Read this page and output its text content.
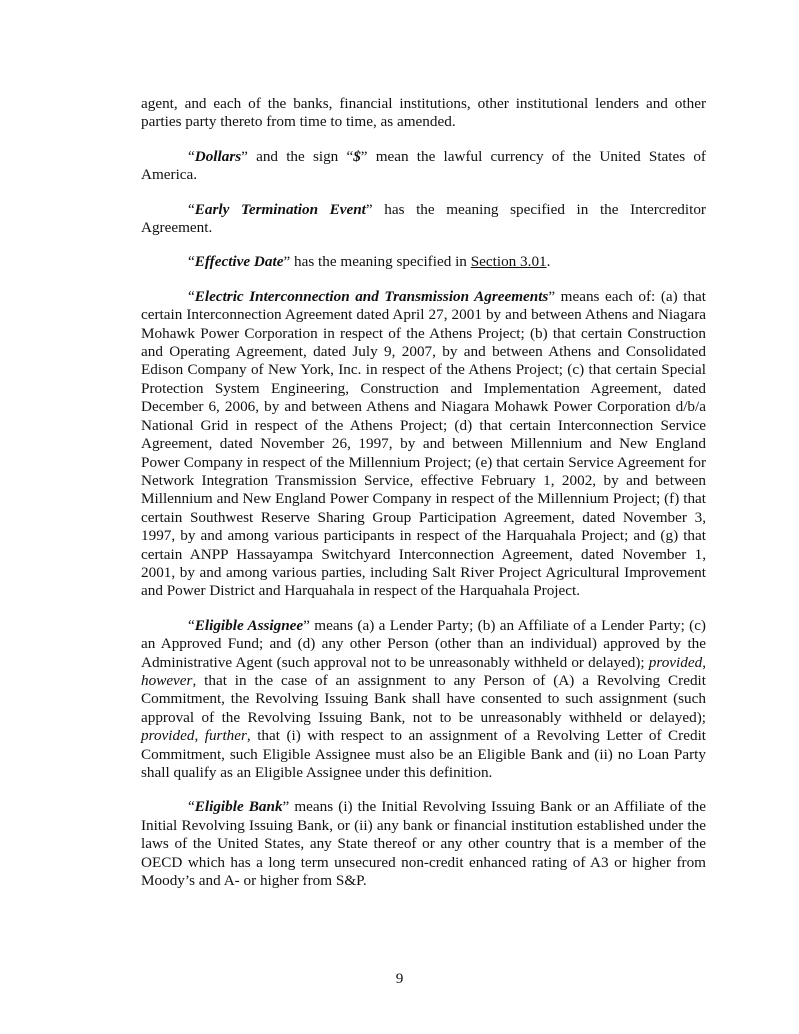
agent, and each of the banks, financial institutions, other institutional lenders and other parties party thereto from time to time, as amended.

“Dollars” and the sign “$” mean the lawful currency of the United States of America.

“Early Termination Event” has the meaning specified in the Intercreditor Agreement.

“Effective Date” has the meaning specified in Section 3.01.

“Electric Interconnection and Transmission Agreements” means each of: (a) that certain Interconnection Agreement dated April 27, 2001 by and between Athens and Niagara Mohawk Power Corporation in respect of the Athens Project; (b) that certain Construction and Operating Agreement, dated July 9, 2007, by and between Athens and Consolidated Edison Company of New York, Inc. in respect of the Athens Project; (c) that certain Special Protection System Engineering, Construction and Implementation Agreement, dated December 6, 2006, by and between Athens and Niagara Mohawk Power Corporation d/b/a National Grid in respect of the Athens Project; (d) that certain Interconnection Service Agreement, dated November 26, 1997, by and between Millennium and New England Power Company in respect of the Millennium Project; (e) that certain Service Agreement for Network Integration Transmission Service, effective February 1, 2002, by and between Millennium and New England Power Company in respect of the Millennium Project; (f) that certain Southwest Reserve Sharing Group Participation Agreement, dated November 3, 1997, by and among various participants in respect of the Harquahala Project; and (g) that certain ANPP Hassayampa Switchyard Interconnection Agreement, dated November 1, 2001, by and among various parties, including Salt River Project Agricultural Improvement and Power District and Harquahala in respect of the Harquahala Project.

“Eligible Assignee” means (a) a Lender Party; (b) an Affiliate of a Lender Party; (c) an Approved Fund; and (d) any other Person (other than an individual) approved by the Administrative Agent (such approval not to be unreasonably withheld or delayed); provided, however, that in the case of an assignment to any Person of (A) a Revolving Credit Commitment, the Revolving Issuing Bank shall have consented to such assignment (such approval of the Revolving Issuing Bank, not to be unreasonably withheld or delayed); provided, further, that (i) with respect to an assignment of a Revolving Letter of Credit Commitment, such Eligible Assignee must also be an Eligible Bank and (ii) no Loan Party shall qualify as an Eligible Assignee under this definition.

“Eligible Bank” means (i) the Initial Revolving Issuing Bank or an Affiliate of the Initial Revolving Issuing Bank, or (ii) any bank or financial institution established under the laws of the United States, any State thereof or any other country that is a member of the OECD which has a long term unsecured non-credit enhanced rating of A3 or higher from Moody’s and A- or higher from S&P.

9
